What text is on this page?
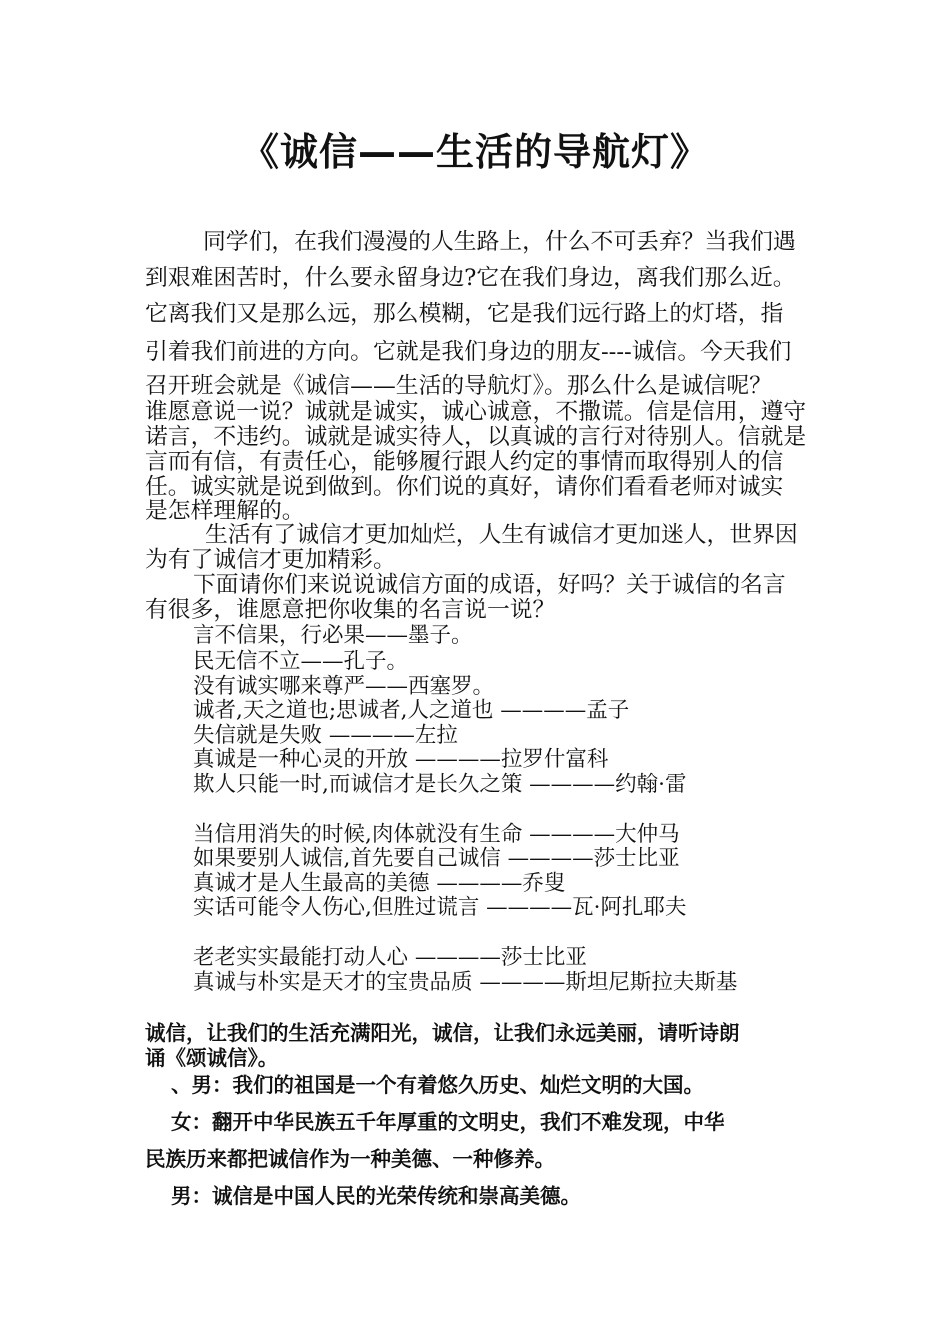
《诚信——生活的导航灯》
同学们，在我们漫漫的人生路上，什么不可丢弃？当我们遇
到艰难困苦时，什么要永留身边?它在我们身边，离我们那么近。
它离我们又是那么远，那么模糊，它是我们远行路上的灯塔，指
引着我们前进的方向。它就是我们身边的朋友----诚信。今天我们
召开班会就是《诚信——生活的导航灯》。那么什么是诚信呢？
谁愿意说一说？诚就是诚实，诚心诚意，不撒谎。信是信用，遵守
诺言，不违约。诚就是诚实待人，以真诚的言行对待别人。信就是
言而有信，有责任心，能够履行跟人约定的事情而取得别人的信
任。诚实就是说到做到。你们说的真好，请你们看看老师对诚实
是怎样理解的。
生活有了诚信才更加灿烂，人生有诚信才更加迷人，世界因
为有了诚信才更加精彩。
下面请你们来说说诚信方面的成语，好吗？关于诚信的名言
有很多，谁愿意把你收集的名言说一说？
言不信果，行必果——墨子。
民无信不立——孔子。
没有诚实哪来尊严——西塞罗。
诚者,天之道也;思诚者,人之道也 ————孟子
失信就是失败 ————左拉
真诚是一种心灵的开放 ————拉罗什富科
欺人只能一时,而诚信才是长久之策 ————约翰·雷
当信用消失的时候,肉体就没有生命 ————大仲马
如果要别人诚信,首先要自己诚信 ————莎士比亚
真诚才是人生最高的美德 ————乔叟
实话可能令人伤心,但胜过谎言 ————瓦·阿扎耶夫
老老实实最能打动人心 ————莎士比亚
真诚与朴实是天才的宝贵品质 ————斯坦尼斯拉夫斯基
诚信，让我们的生活充满阳光，诚信，让我们永远美丽，请听诗朗
诵《颂诚信》。
、男：我们的祖国是一个有着悠久历史、灿烂文明的大国。
女：翻开中华民族五千年厚重的文明史，我们不难发现，中华
民族历来都把诚信作为一种美德、一种修养。
男：诚信是中国人民的光荣传统和崇高美德。
